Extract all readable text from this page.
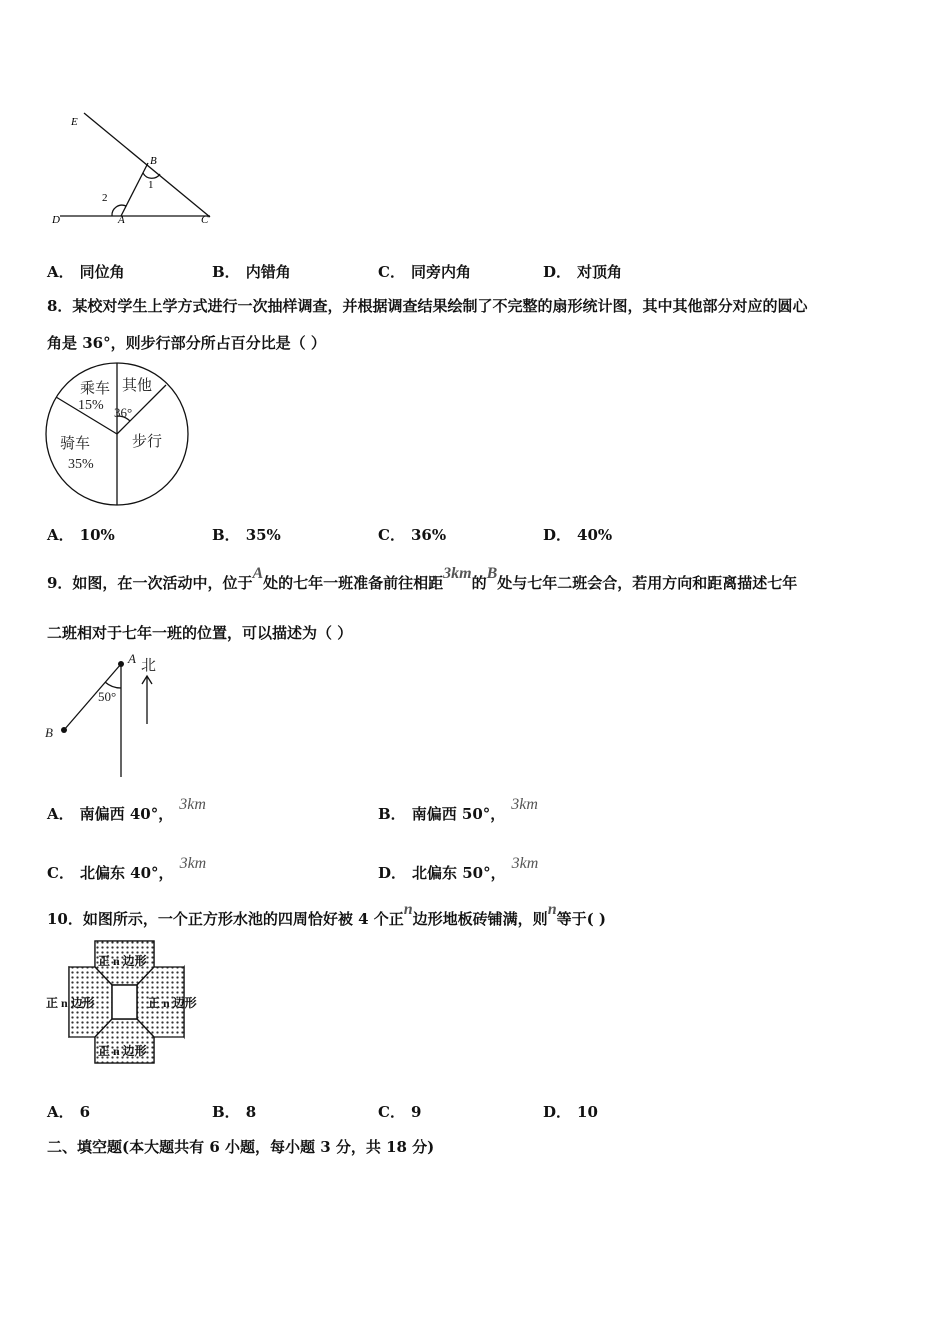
E
B
1
2
D	A	C
A． 同位角	B． 内错角	C． 同旁内角	D． 对顶角
8．某校对学生上学方式进行一次抽样调查，并根据调查结果绘制了不完整的扇形统计图，其中其他部分对应的圆心
角是 36°，则步行部分所占百分比是（ ）
乘车
15%
其他
36°
骑车
35%
步行
A． 10%	B． 35%	C． 36%	D． 40%
9．如图，在一次活动中，位于A处的七年一班准备前往相距3km的B处与七年二班会合，若用方向和距离描述七年
二班相对于七年一班的位置，可以描述为（ ）
A 北
50°
B
A． 南偏西 40°，3km
B． 南偏西 50°，3km
C． 北偏东 40°，3km
D． 北偏东 50°，3km
10．如图所示，一个正方形水池的四周恰好被 4 个正n边形地板砖铺满，则n等于( )
正 n 边形
正 n 边形	正 n 边形
正 n 边形
A． 6	B． 8	C． 9	D． 10
二、填空题(本大题共有 6 小题，每小题 3 分，共 18 分)
